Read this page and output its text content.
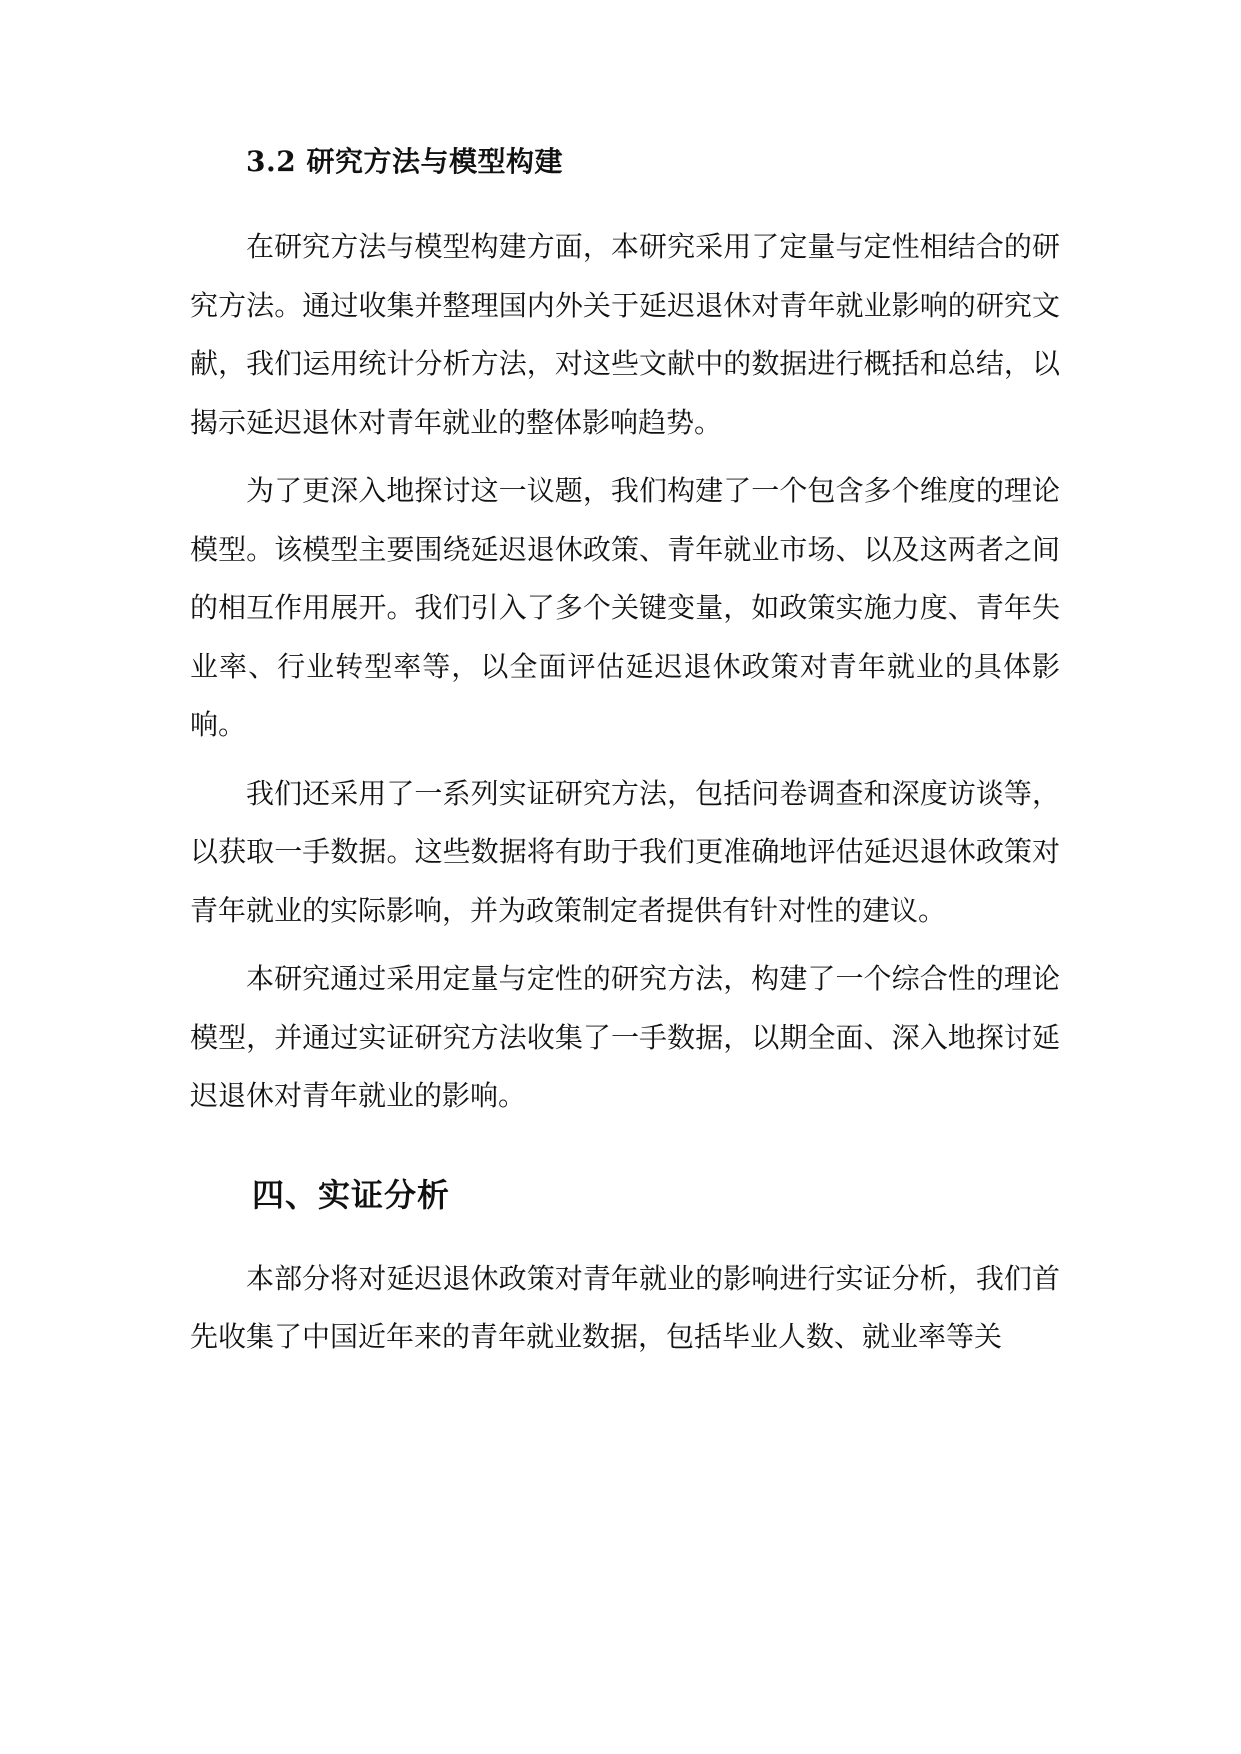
3.2 研究方法与模型构建

在研究方法与模型构建方面，本研究采用了定量与定性相结合的研究方法。通过收集并整理国内外关于延迟退休对青年就业影响的研究文献，我们运用统计分析方法，对这些文献中的数据进行概括和总结，以揭示延迟退休对青年就业的整体影响趋势。

为了更深入地探讨这一议题，我们构建了一个包含多个维度的理论模型。该模型主要围绕延迟退休政策、青年就业市场、以及这两者之间的相互作用展开。我们引入了多个关键变量，如政策实施力度、青年失业率、行业转型率等，以全面评估延迟退休政策对青年就业的具体影响。

我们还采用了一系列实证研究方法，包括问卷调查和深度访谈等，以获取一手数据。这些数据将有助于我们更准确地评估延迟退休政策对青年就业的实际影响，并为政策制定者提供有针对性的建议。

本研究通过采用定量与定性的研究方法，构建了一个综合性的理论模型，并通过实证研究方法收集了一手数据，以期全面、深入地探讨延迟退休对青年就业的影响。

四、实证分析

本部分将对延迟退休政策对青年就业的影响进行实证分析，我们首先收集了中国近年来的青年就业数据，包括毕业人数、就业率等关
